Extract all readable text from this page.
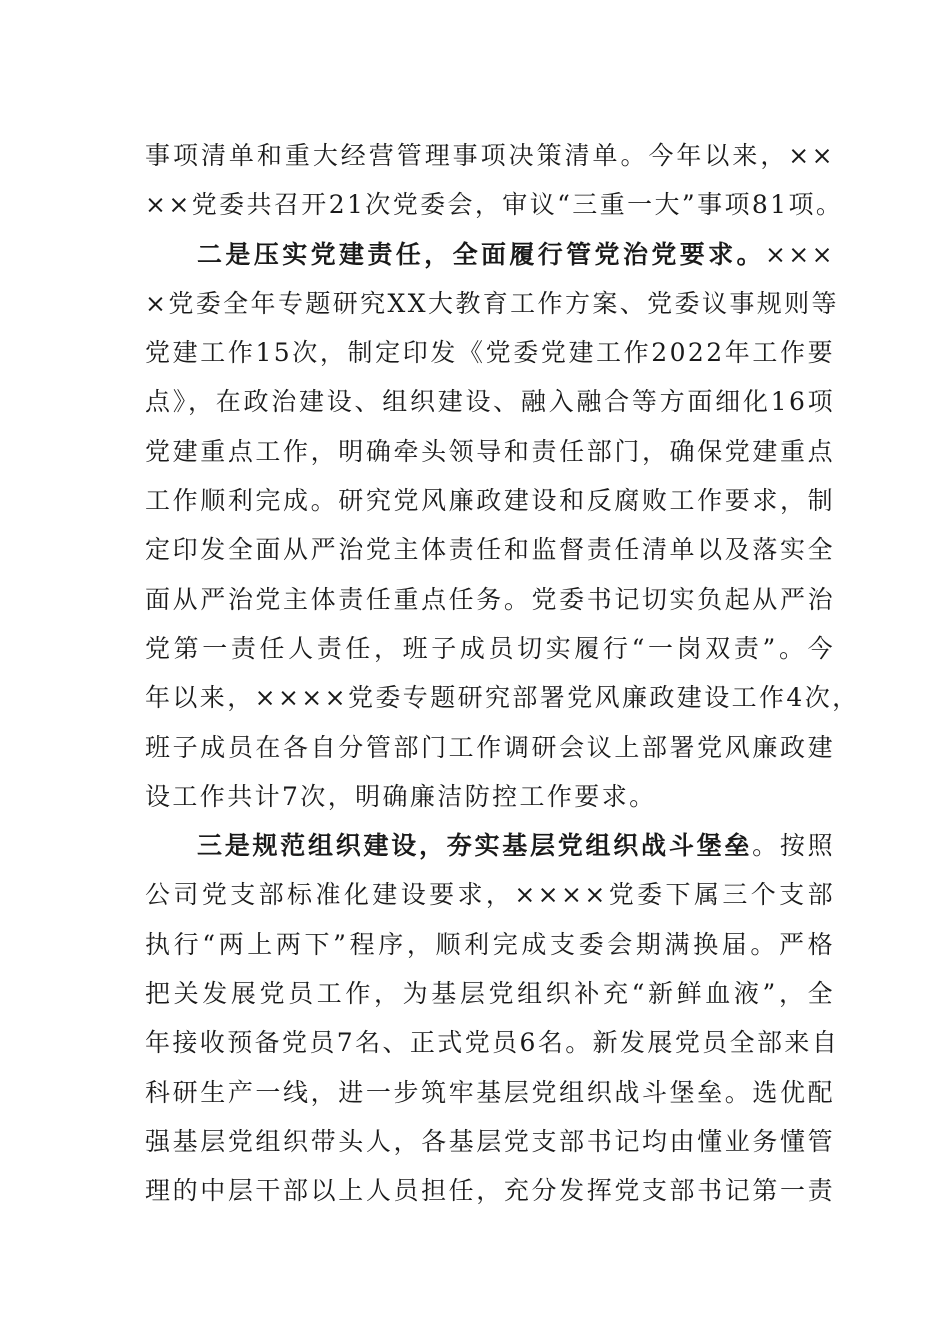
事项清单和重大经营管理事项决策清单。今年以来，××
××党委共召开21次党委会，审议“三重一大”事项81项。
二是压实党建责任，全面履行管党治党要求。×××
×党委全年专题研究XX大教育工作方案、党委议事规则等
党建工作15次，制定印发《党委党建工作2022年工作要
点》，在政治建设、组织建设、融入融合等方面细化16项
党建重点工作，明确牵头领导和责任部门，确保党建重点
工作顺利完成。研究党风廉政建设和反腐败工作要求，制
定印发全面从严治党主体责任和监督责任清单以及落实全
面从严治党主体责任重点任务。党委书记切实负起从严治
党第一责任人责任，班子成员切实履行“一岗双责”。今
年以来，××××党委专题研究部署党风廉政建设工作4次，
班子成员在各自分管部门工作调研会议上部署党风廉政建
设工作共计7次，明确廉洁防控工作要求。
三是规范组织建设，夯实基层党组织战斗堡垒。按照
公司党支部标准化建设要求，××××党委下属三个支部
执行“两上两下”程序，顺利完成支委会期满换届。严格
把关发展党员工作，为基层党组织补充“新鲜血液”，全
年接收预备党员7名、正式党员6名。新发展党员全部来自
科研生产一线，进一步筑牢基层党组织战斗堡垒。选优配
强基层党组织带头人，各基层党支部书记均由懂业务懂管
理的中层干部以上人员担任，充分发挥党支部书记第一责
